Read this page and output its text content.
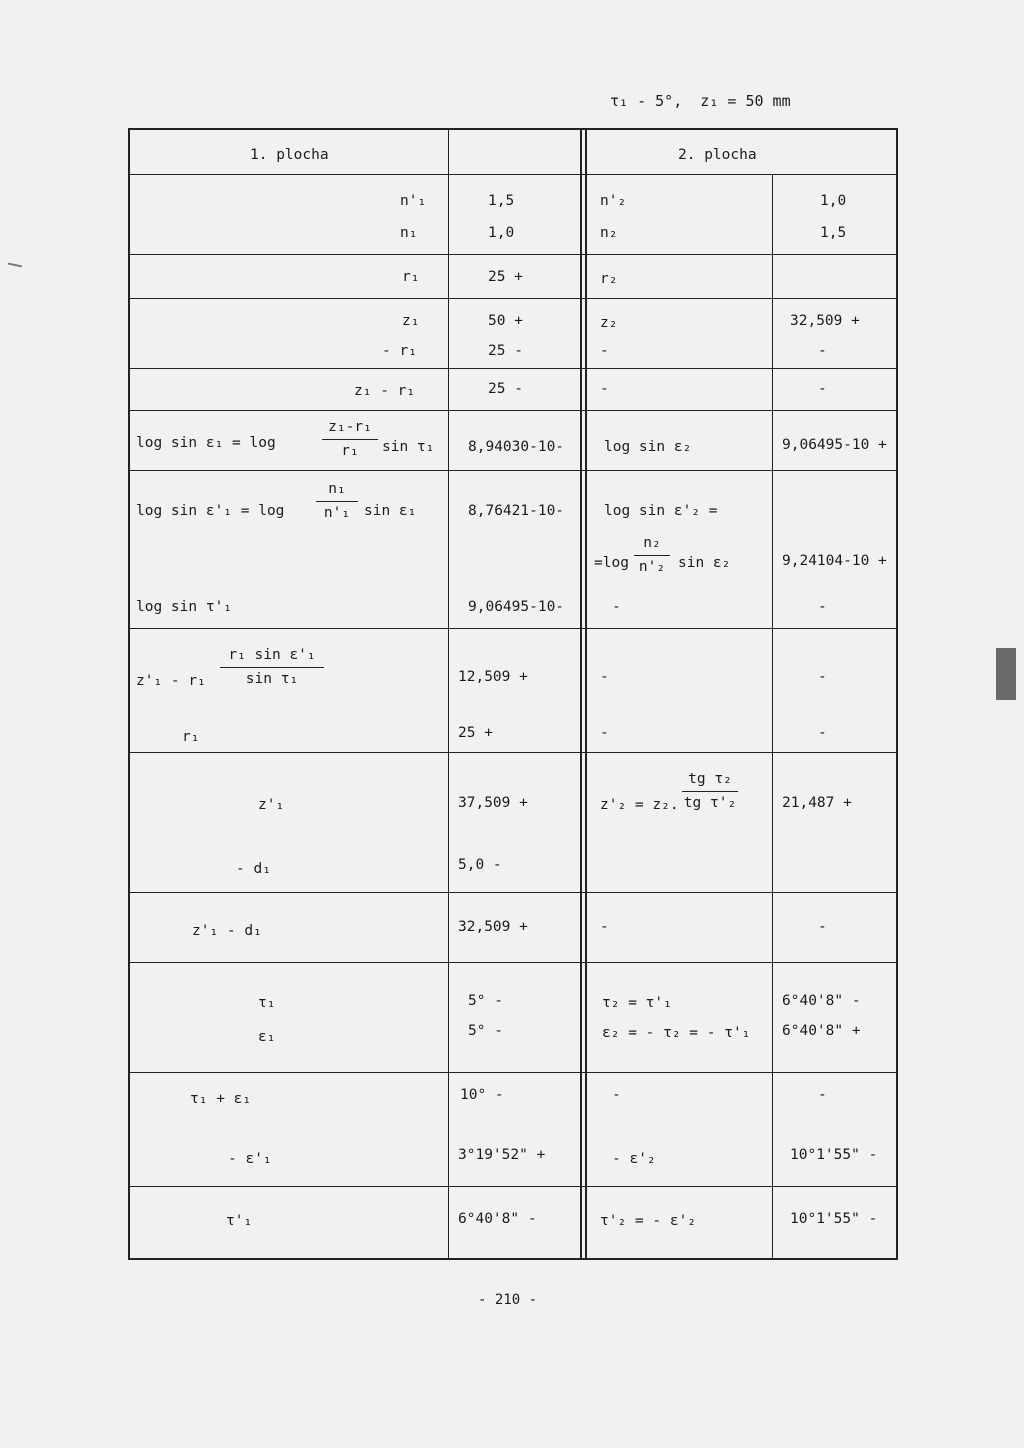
τ₁ - 5°,  z₁ = 50 mm
1. plocha	2. plocha
n'₁	1,5
n₁	1,0
n'₂	1,0
n₂	1,5
r₁	25 +	r₂
z₁	50 +
- r₁	25 -
z₂	32,509 +
-	-
z₁ - r₁	25 -	-	-
log sin ε₁ = log	$\frac{\text{z₁-r₁}}{\text{r₁}}$ sin τ₁ 8,94030-10-	log sin ε₂	9,06495-10 +
$\log \sin \varepsilon'_1 = \log \frac{\text{n₁}}{\text{n'₁}}$ sin ε₁	8,76421-10-	log sin ε'₂ =
$=\log \frac{\text{n₂}}{\text{n'₂}}$ sin ε₂	9,24104-10 +
log sin τ'₁	9,06495-10-	-	-
$z'_1 - r_1 \frac{\text{r₁ sin ε'₁}}{\text{sin τ₁}}$	12,509 +	-	-
r₁	25 +	-	-
z'₁	37,509 +	z'₂ = z₂. $\frac{\text{tg τ₂}}{\text{tg τ'₂}}$	21,487 +
- d₁	5,0 -
z'₁ - d₁	32,509 +	-	-
τ₁	5° -
ε₁	5° -
τ₂ = τ'₁	6°40'8" -
ε₂ = - τ₂ = - τ'₁ 6°40'8" +
τ₁ + ε₁	10° -	-	-
- ε'₁	3°19'52" +	- ε'₂	10°1'55" -
τ'₁	6°40'8" -	τ'₂ = - ε'₂	10°1'55" -
- 210 -
